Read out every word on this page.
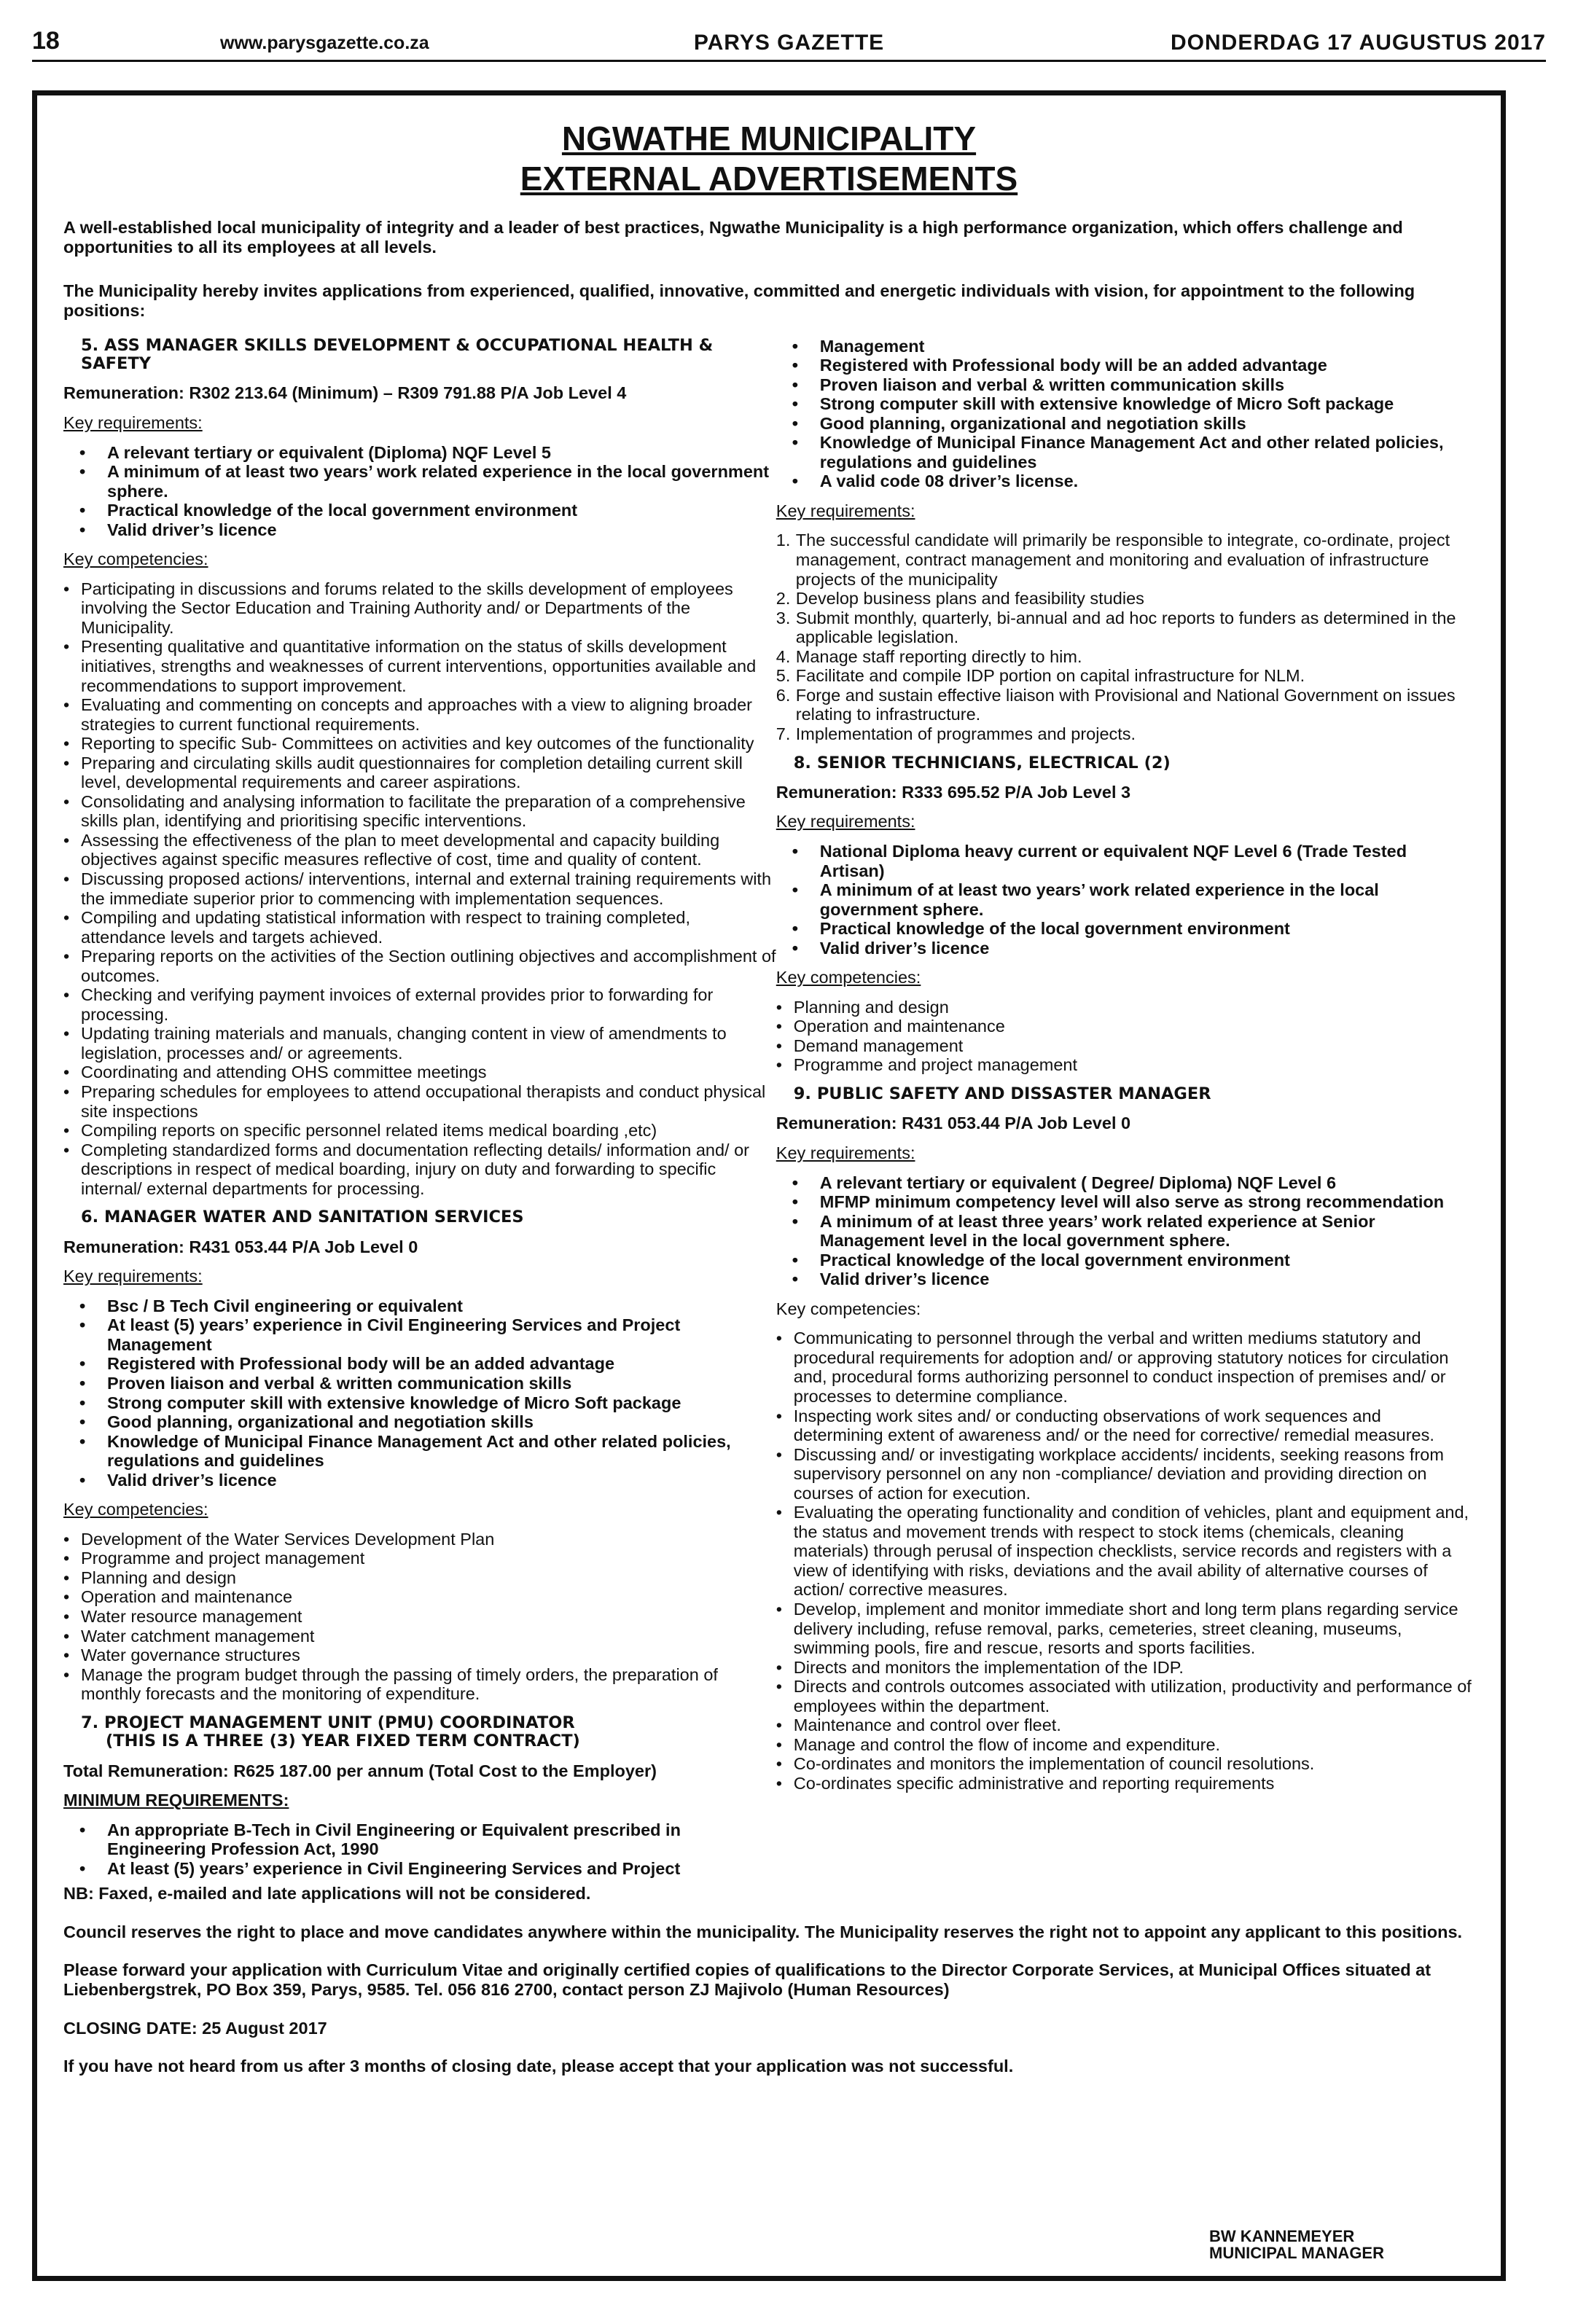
18	www.parysgazette.co.za	PARYS GAZETTE	DONDERDAG 17 AUGUSTUS 2017
NGWATHE MUNICIPALITY
EXTERNAL ADVERTISEMENTS

A well-established local municipality of integrity and a leader of best practices, Ngwathe Municipality is a high performance organization, which offers challenge and opportunities to all its employees at all levels.

The Municipality hereby invites applications from experienced, qualified, innovative, committed and energetic individuals with vision, for appointment to the following positions:

5. ASS MANAGER SKILLS DEVELOPMENT & OCCUPATIONAL HEALTH & SAFETY
Remuneration: R302 213.64 (Minimum) – R309 791.88 P/A Job Level 4
Key requirements:
• A relevant tertiary or equivalent (Diploma) NQF Level 5
• A minimum of at least two years’ work related experience in the local government sphere.
• Practical knowledge of the local government environment
• Valid driver’s licence
Key competencies:
• Participating in discussions and forums related to the skills development of employees involving the Sector Education and Training Authority and/ or Departments of the Municipality.
• Presenting qualitative and quantitative information on the status of skills development initiatives, strengths and weaknesses of current interventions, opportunities available and recommendations to support improvement.
• Evaluating and commenting on concepts and approaches with a view to aligning broader strategies to current functional requirements.
• Reporting to specific Sub- Committees on activities and key outcomes of the functionality
• Preparing and circulating skills audit questionnaires for completion detailing current skill level, developmental requirements and career aspirations.
• Consolidating and analysing information to facilitate the preparation of a comprehensive skills plan, identifying and prioritising specific interventions.
• Assessing the effectiveness of the plan to meet developmental and capacity building objectives against specific measures reflective of cost, time and quality of content.
• Discussing proposed actions/ interventions, internal and external training requirements with the immediate superior prior to commencing with implementation sequences.
• Compiling and updating statistical information with respect to training completed, attendance levels and targets achieved.
• Preparing reports on the activities of the Section outlining objectives and accomplishment of outcomes.
• Checking and verifying payment invoices of external provides prior to forwarding for processing.
• Updating training materials and manuals, changing content in view of amendments to legislation, processes and/ or agreements.
• Coordinating and attending OHS committee meetings
• Preparing schedules for employees to attend occupational therapists and conduct physical site inspections
• Compiling reports on specific personnel related items medical boarding ,etc)
• Completing standardized forms and documentation reflecting details/ information and/ or descriptions in respect of medical boarding, injury on duty and forwarding to specific internal/ external departments for processing.
6. MANAGER WATER AND SANITATION SERVICES
Remuneration: R431 053.44 P/A Job Level 0
Key requirements:
• Bsc / B Tech Civil engineering or equivalent
• At least (5) years’ experience in Civil Engineering Services and Project Management
• Registered with Professional body will be an added advantage
• Proven liaison and verbal & written communication skills
• Strong computer skill with extensive knowledge of Micro Soft package
• Good planning, organizational and negotiation skills
• Knowledge of Municipal Finance Management Act and other related policies, regulations and guidelines
• Valid driver’s licence
Key competencies:
• Development of the Water Services Development Plan
• Programme and project management
• Planning and design
• Operation and maintenance
• Water resource management
• Water catchment management
• Water governance structures
• Manage the program budget through the passing of timely orders, the preparation of monthly forecasts and the monitoring of expenditure.
7. PROJECT MANAGEMENT UNIT (PMU) COORDINATOR
(THIS IS A THREE (3) YEAR FIXED TERM CONTRACT)
Total Remuneration: R625 187.00 per annum (Total Cost to the Employer)
MINIMUM REQUIREMENTS:
• An appropriate B-Tech in Civil Engineering or Equivalent prescribed in Engineering Profession Act, 1990
• At least (5) years’ experience in Civil Engineering Services and Project
• Management
• Registered with Professional body will be an added advantage
• Proven liaison and verbal & written communication skills
• Strong computer skill with extensive knowledge of Micro Soft package
• Good planning, organizational and negotiation skills
• Knowledge of Municipal Finance Management Act and other related policies, regulations and guidelines
• A valid code 08 driver’s license.
Key requirements:
1. The successful candidate will primarily be responsible to integrate, co-ordinate, project management, contract management and monitoring and evaluation of infrastructure projects of the municipality
2. Develop business plans and feasibility studies
3. Submit monthly, quarterly, bi-annual and ad hoc reports to funders as determined in the applicable legislation.
4. Manage staff reporting directly to him.
5. Facilitate and compile IDP portion on capital infrastructure for NLM.
6. Forge and sustain effective liaison with Provisional and National Government on issues relating to infrastructure.
7. Implementation of programmes and projects.
8. SENIOR TECHNICIANS, ELECTRICAL (2)
Remuneration: R333 695.52 P/A Job Level 3
Key requirements:
• National Diploma heavy current or equivalent NQF Level 6 (Trade Tested Artisan)
• A minimum of at least two years’ work related experience in the local government sphere.
• Practical knowledge of the local government environment
• Valid driver’s licence
Key competencies:
• Planning and design
• Operation and maintenance
• Demand management
• Programme and project management
9. PUBLIC SAFETY AND DISSASTER MANAGER
Remuneration: R431 053.44 P/A Job Level 0
Key requirements:
• A relevant tertiary or equivalent ( Degree/ Diploma) NQF Level 6
• MFMP minimum competency level will also serve as strong recommendation
• A minimum of at least three years’ work related experience at Senior Management level in the local government sphere.
• Practical knowledge of the local government environment
• Valid driver’s licence
Key competencies:
• Communicating to personnel through the verbal and written mediums statutory and procedural requirements for adoption and/ or approving statutory notices for circulation and, procedural forms authorizing personnel to conduct inspection of premises and/ or processes to determine compliance.
• Inspecting work sites and/ or conducting observations of work sequences and determining extent of awareness and/ or the need for corrective/ remedial measures.
• Discussing and/ or investigating workplace accidents/ incidents, seeking reasons from supervisory personnel on any non -compliance/ deviation and providing direction on courses of action for execution.
• Evaluating the operating functionality and condition of vehicles, plant and equipment and, the status and movement trends with respect to stock items (chemicals, cleaning materials) through perusal of inspection checklists, service records and registers with a view of identifying with risks, deviations and the avail ability of alternative courses of action/ corrective measures.
• Develop, implement and monitor immediate short and long term plans regarding service delivery including, refuse removal, parks, cemeteries, street cleaning, museums, swimming pools, fire and rescue, resorts and sports facilities.
• Directs and monitors the implementation of the IDP.
• Directs and controls outcomes associated with utilization, productivity and performance of employees within the department.
• Maintenance and control over fleet.
• Manage and control the flow of income and expenditure.
• Co-ordinates and monitors the implementation of council resolutions.
• Co-ordinates specific administrative and reporting requirements

NB: Faxed, e-mailed and late applications will not be considered.

Council reserves the right to place and move candidates anywhere within the municipality. The Municipality reserves the right not to appoint any applicant to this positions.

Please forward your application with Curriculum Vitae and originally certified copies of qualifications to the Director Corporate Services, at Municipal Offices situated at Liebenbergstrek, PO Box 359, Parys, 9585. Tel. 056 816 2700, contact person ZJ Majivolo (Human Resources)

CLOSING DATE: 25 August 2017

If you have not heard from us after 3 months of closing date, please accept that your application was not successful.

BW KANNEMEYER
MUNICIPAL MANAGER
